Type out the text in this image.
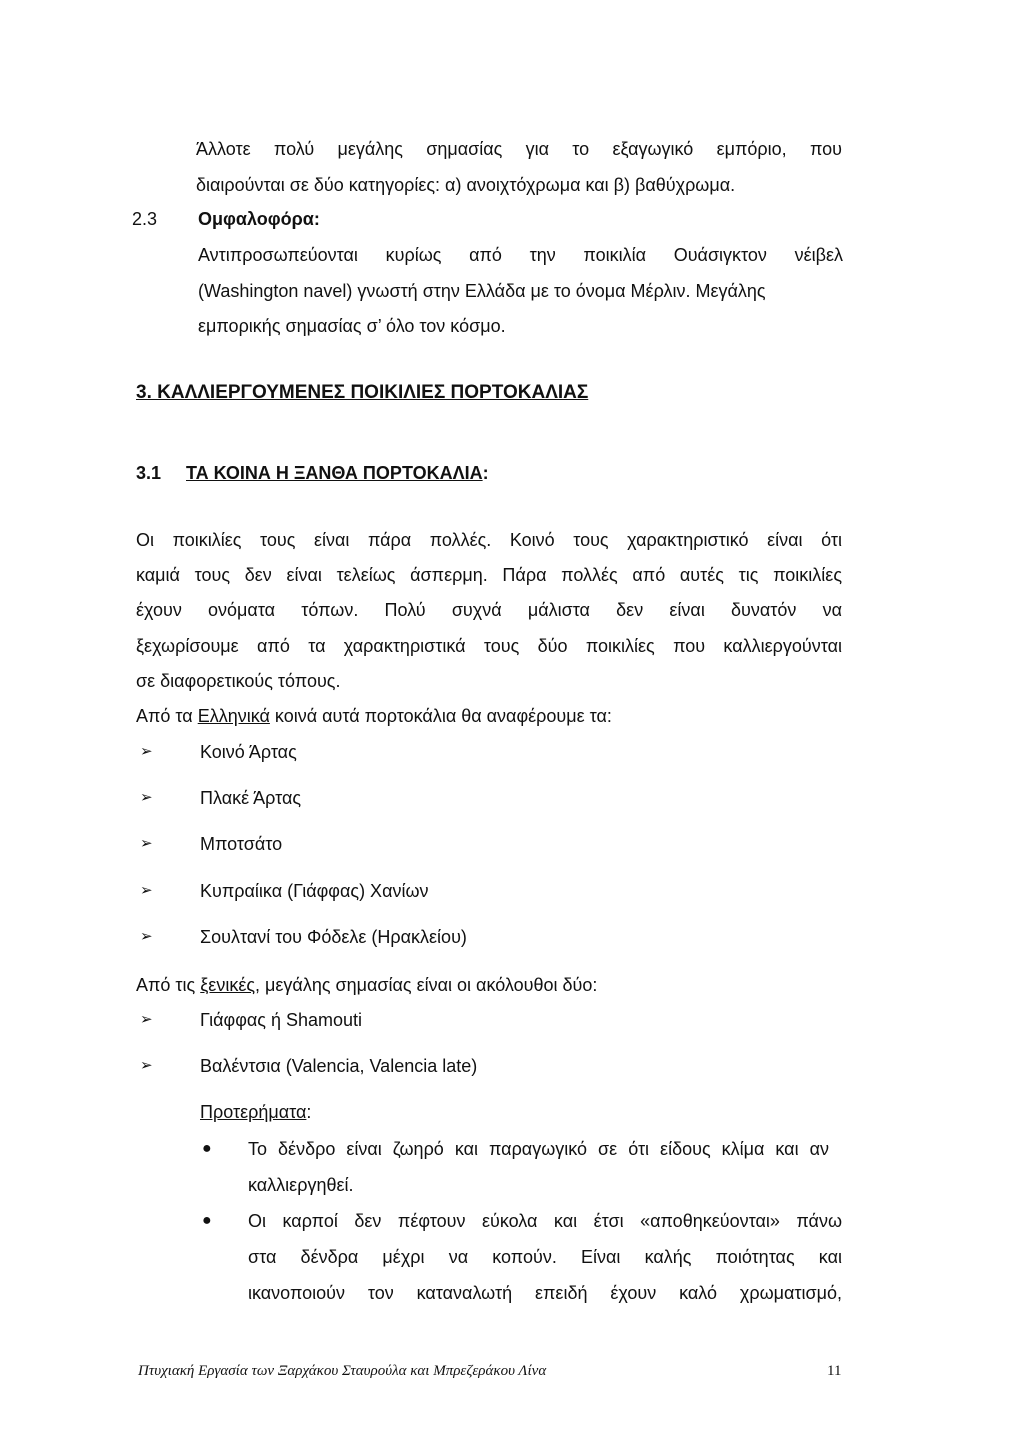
Άλλοτε πολύ μεγάλης σημασίας για το εξαγωγικό εμπόριο, που
διαιρούνται σε δύο κατηγορίες: α) ανοιχτόχρωμα και β) βαθύχρωμα.
2.3 Ομφαλοφόρα:
Αντιπροσωπεύονται κυρίως από την ποικιλία Ουάσιγκτον νέιβελ
(Washington navel) γνωστή στην Ελλάδα με το όνομα Μέρλιν. Μεγάλης
εμπορικής σημασίας σ’ όλο τον κόσμο.
3. ΚΑΛΛΙΕΡΓΟΥΜΕΝΕΣ ΠΟΙΚΙΛΙΕΣ ΠΟΡΤΟΚΑΛΙΑΣ
3.1 ΤΑ ΚΟΙΝΑ Η ΞΑΝΘΑ ΠΟΡΤΟΚΑΛΙΑ:
Οι ποικιλίες τους είναι πάρα πολλές. Κοινό τους χαρακτηριστικό είναι ότι
καμιά τους δεν είναι τελείως άσπερμη. Πάρα πολλές από αυτές τις ποικιλίες
έχουν ονόματα τόπων. Πολύ συχνά μάλιστα δεν είναι δυνατόν να
ξεχωρίσουμε από τα χαρακτηριστικά τους δύο ποικιλίες που καλλιεργούνται
σε διαφορετικούς τόπους.
Από τα Ελληνικά κοινά αυτά πορτοκάλια θα αναφέρουμε τα:
➢	Κοινό Άρτας
➢	Πλακέ Άρτας
➢	Μποτσάτο
➢	Κυπραίικα (Γιάφφας) Χανίων
➢	Σουλτανί του Φόδελε (Ηρακλείου)
Από τις ξενικές, μεγάλης σημασίας είναι οι ακόλουθοι δύο:
➢	Γιάφφας ή Shamouti
➢	Βαλέντσια (Valencia, Valencia late)
Προτερήματα:
● Το δένδρο είναι ζωηρό και παραγωγικό σε ότι είδους κλίμα και αν
καλλιεργηθεί.
● Οι καρποί δεν πέφτουν εύκολα και έτσι «αποθηκεύονται» πάνω
στα δένδρα μέχρι να κοπούν. Είναι καλής ποιότητας και
ικανοποιούν τον καταναλωτή επειδή έχουν καλό χρωματισμό,
Πτυχιακή Εργασία των Ξαρχάκου Σταυρούλα και Μπρεζεράκου Λίνα	11
